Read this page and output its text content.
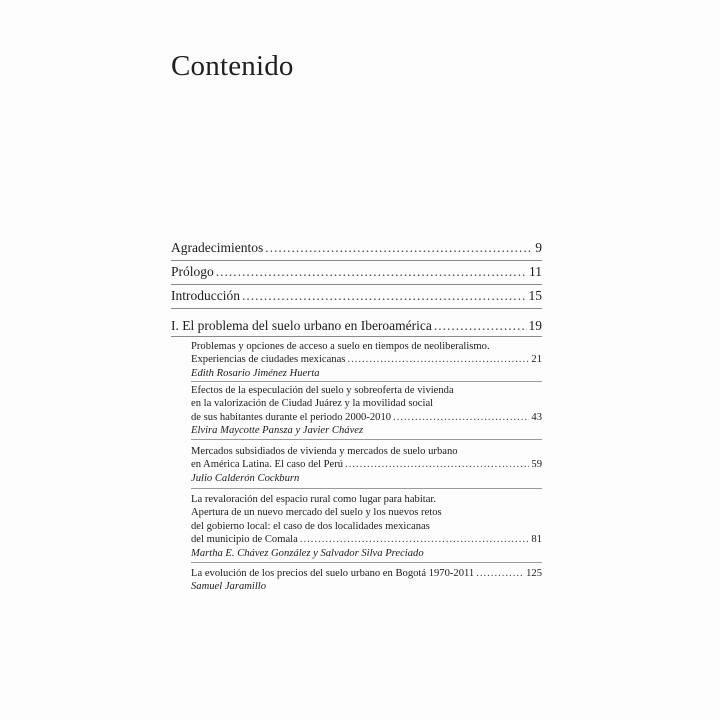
Contenido
Agradecimientos .....	9
Prólogo .....	11
Introducción .....	15
I. El problema del suelo urbano en Iberoamérica .....	19
Problemas y opciones de acceso a suelo en tiempos de neoliberalismo.
Experiencias de ciudades mexicanas .....	21
Edith Rosario Jiménez Huerta
Efectos de la especulación del suelo y sobreoferta de vivienda
en la valorización de Ciudad Juárez y la movilidad social
de sus habitantes durante el periodo 2000-2010 .....	43
Elvira Maycotte Pansza y Javier Chávez
Mercados subsidiados de vivienda y mercados de suelo urbano
en América Latina. El caso del Perú .....	59
Julio Calderón Cockburn
La revaloración del espacio rural como lugar para habitar.
Apertura de un nuevo mercado del suelo y los nuevos retos
del gobierno local: el caso de dos localidades mexicanas
del municipio de Comala .....	81
Martha E. Chávez González y Salvador Silva Preciado
La evolución de los precios del suelo urbano en Bogotá 1970-2011 .....	125
Samuel Jaramillo
